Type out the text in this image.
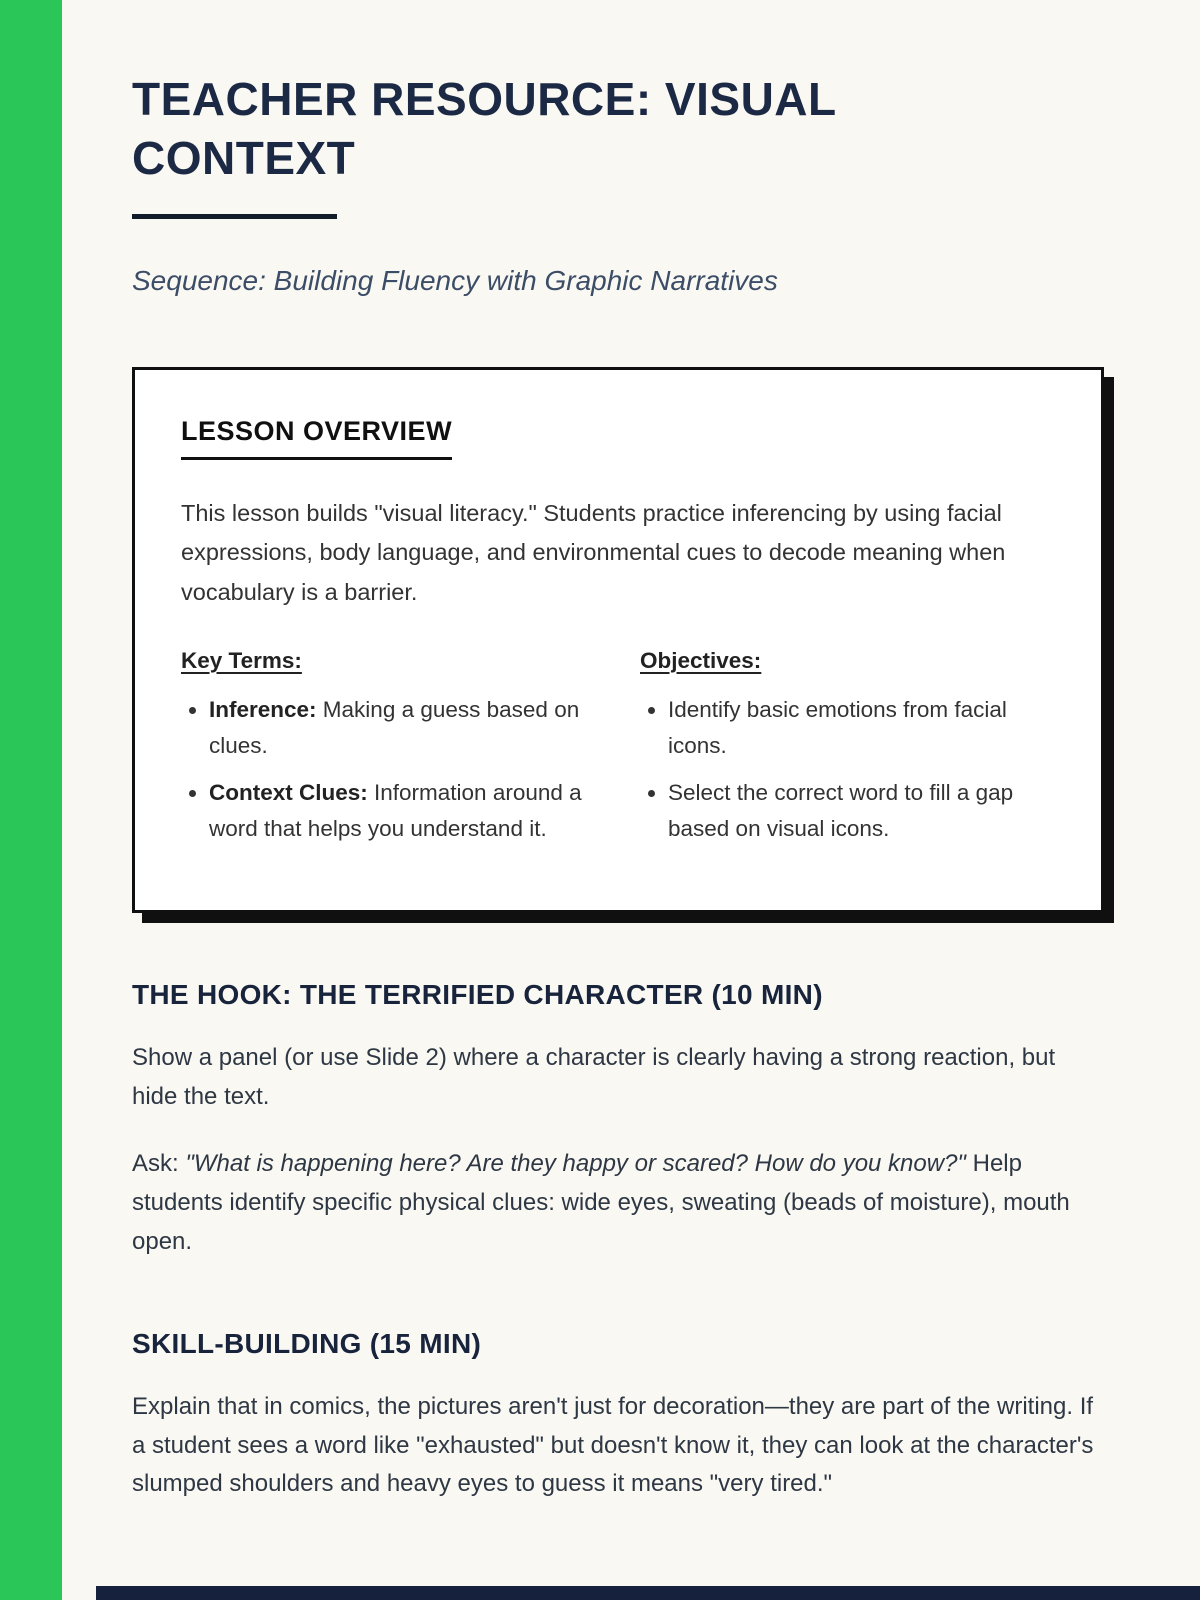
TEACHER RESOURCE: VISUAL CONTEXT
Sequence: Building Fluency with Graphic Narratives
LESSON OVERVIEW

This lesson builds "visual literacy." Students practice inferencing by using facial expressions, body language, and environmental cues to decode meaning when vocabulary is a barrier.

Key Terms:
• Inference: Making a guess based on clues.
• Context Clues: Information around a word that helps you understand it.
Objectives:
• Identify basic emotions from facial icons.
• Select the correct word to fill a gap based on visual icons.
THE HOOK: THE TERRIFIED CHARACTER (10 MIN)

Show a panel (or use Slide 2) where a character is clearly having a strong reaction, but hide the text.

Ask: "What is happening here? Are they happy or scared? How do you know?" Help students identify specific physical clues: wide eyes, sweating (beads of moisture), mouth open.

SKILL-BUILDING (15 MIN)

Explain that in comics, the pictures aren't just for decoration—they are part of the writing. If a student sees a word like "exhausted" but doesn't know it, they can look at the character's slumped shoulders and heavy eyes to guess it means "very tired."
